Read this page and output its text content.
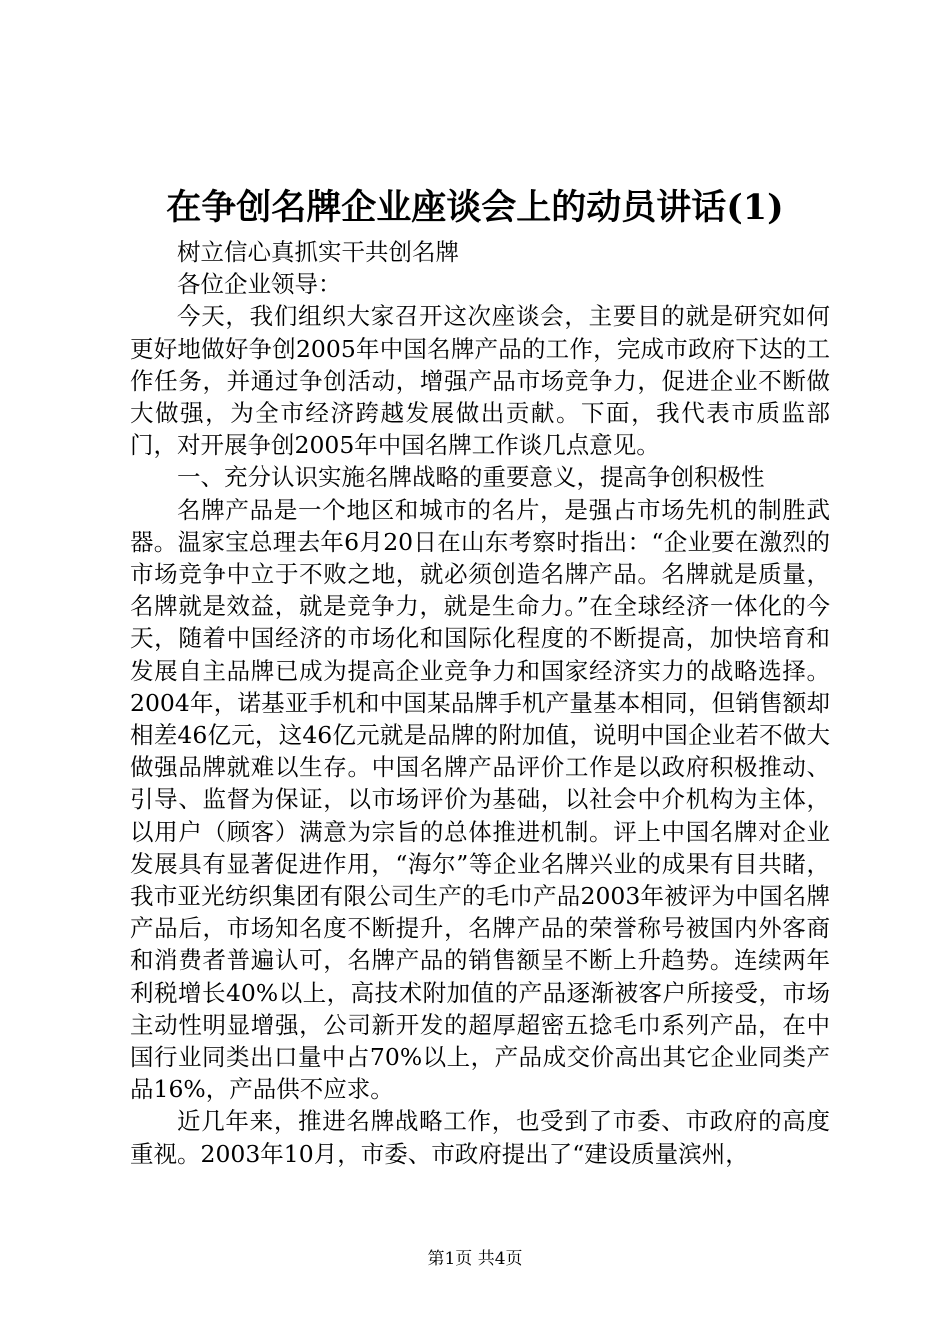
在争创名牌企业座谈会上的动员讲话(1)

树立信心真抓实干共创名牌

各位企业领导：

今天，我们组织大家召开这次座谈会，主要目的就是研究如何更好地做好争创2005年中国名牌产品的工作，完成市政府下达的工作任务，并通过争创活动，增强产品市场竞争力，促进企业不断做大做强，为全市经济跨越发展做出贡献。下面，我代表市质监部门，对开展争创2005年中国名牌工作谈几点意见。

一、充分认识实施名牌战略的重要意义，提高争创积极性

名牌产品是一个地区和城市的名片，是强占市场先机的制胜武器。温家宝总理去年6月20日在山东考察时指出：“企业要在激烈的市场竞争中立于不败之地，就必须创造名牌产品。名牌就是质量，名牌就是效益，就是竞争力，就是生命力。”在全球经济一体化的今天，随着中国经济的市场化和国际化程度的不断提高，加快培育和发展自主品牌已成为提高企业竞争力和国家经济实力的战略选择。2004年，诺基亚手机和中国某品牌手机产量基本相同，但销售额却相差46亿元，这46亿元就是品牌的附加值，说明中国企业若不做大做强品牌就难以生存。中国名牌产品评价工作是以政府积极推动、引导、监督为保证，以市场评价为基础，以社会中介机构为主体，以用户（顾客）满意为宗旨的总体推进机制。评上中国名牌对企业发展具有显著促进作用，“海尔”等企业名牌兴业的成果有目共睹，我市亚光纺织集团有限公司生产的毛巾产品2003年被评为中国名牌产品后，市场知名度不断提升，名牌产品的荣誉称号被国内外客商和消费者普遍认可，名牌产品的销售额呈不断上升趋势。连续两年利税增长40%以上，高技术附加值的产品逐渐被客户所接受，市场主动性明显增强，公司新开发的超厚超密五捻毛巾系列产品，在中国行业同类出口量中占70%以上，产品成交价高出其它企业同类产品16%，产品供不应求。

近几年来，推进名牌战略工作，也受到了市委、市政府的高度重视。2003年10月，市委、市政府提出了“建设质量滨州，

第1页 共4页
